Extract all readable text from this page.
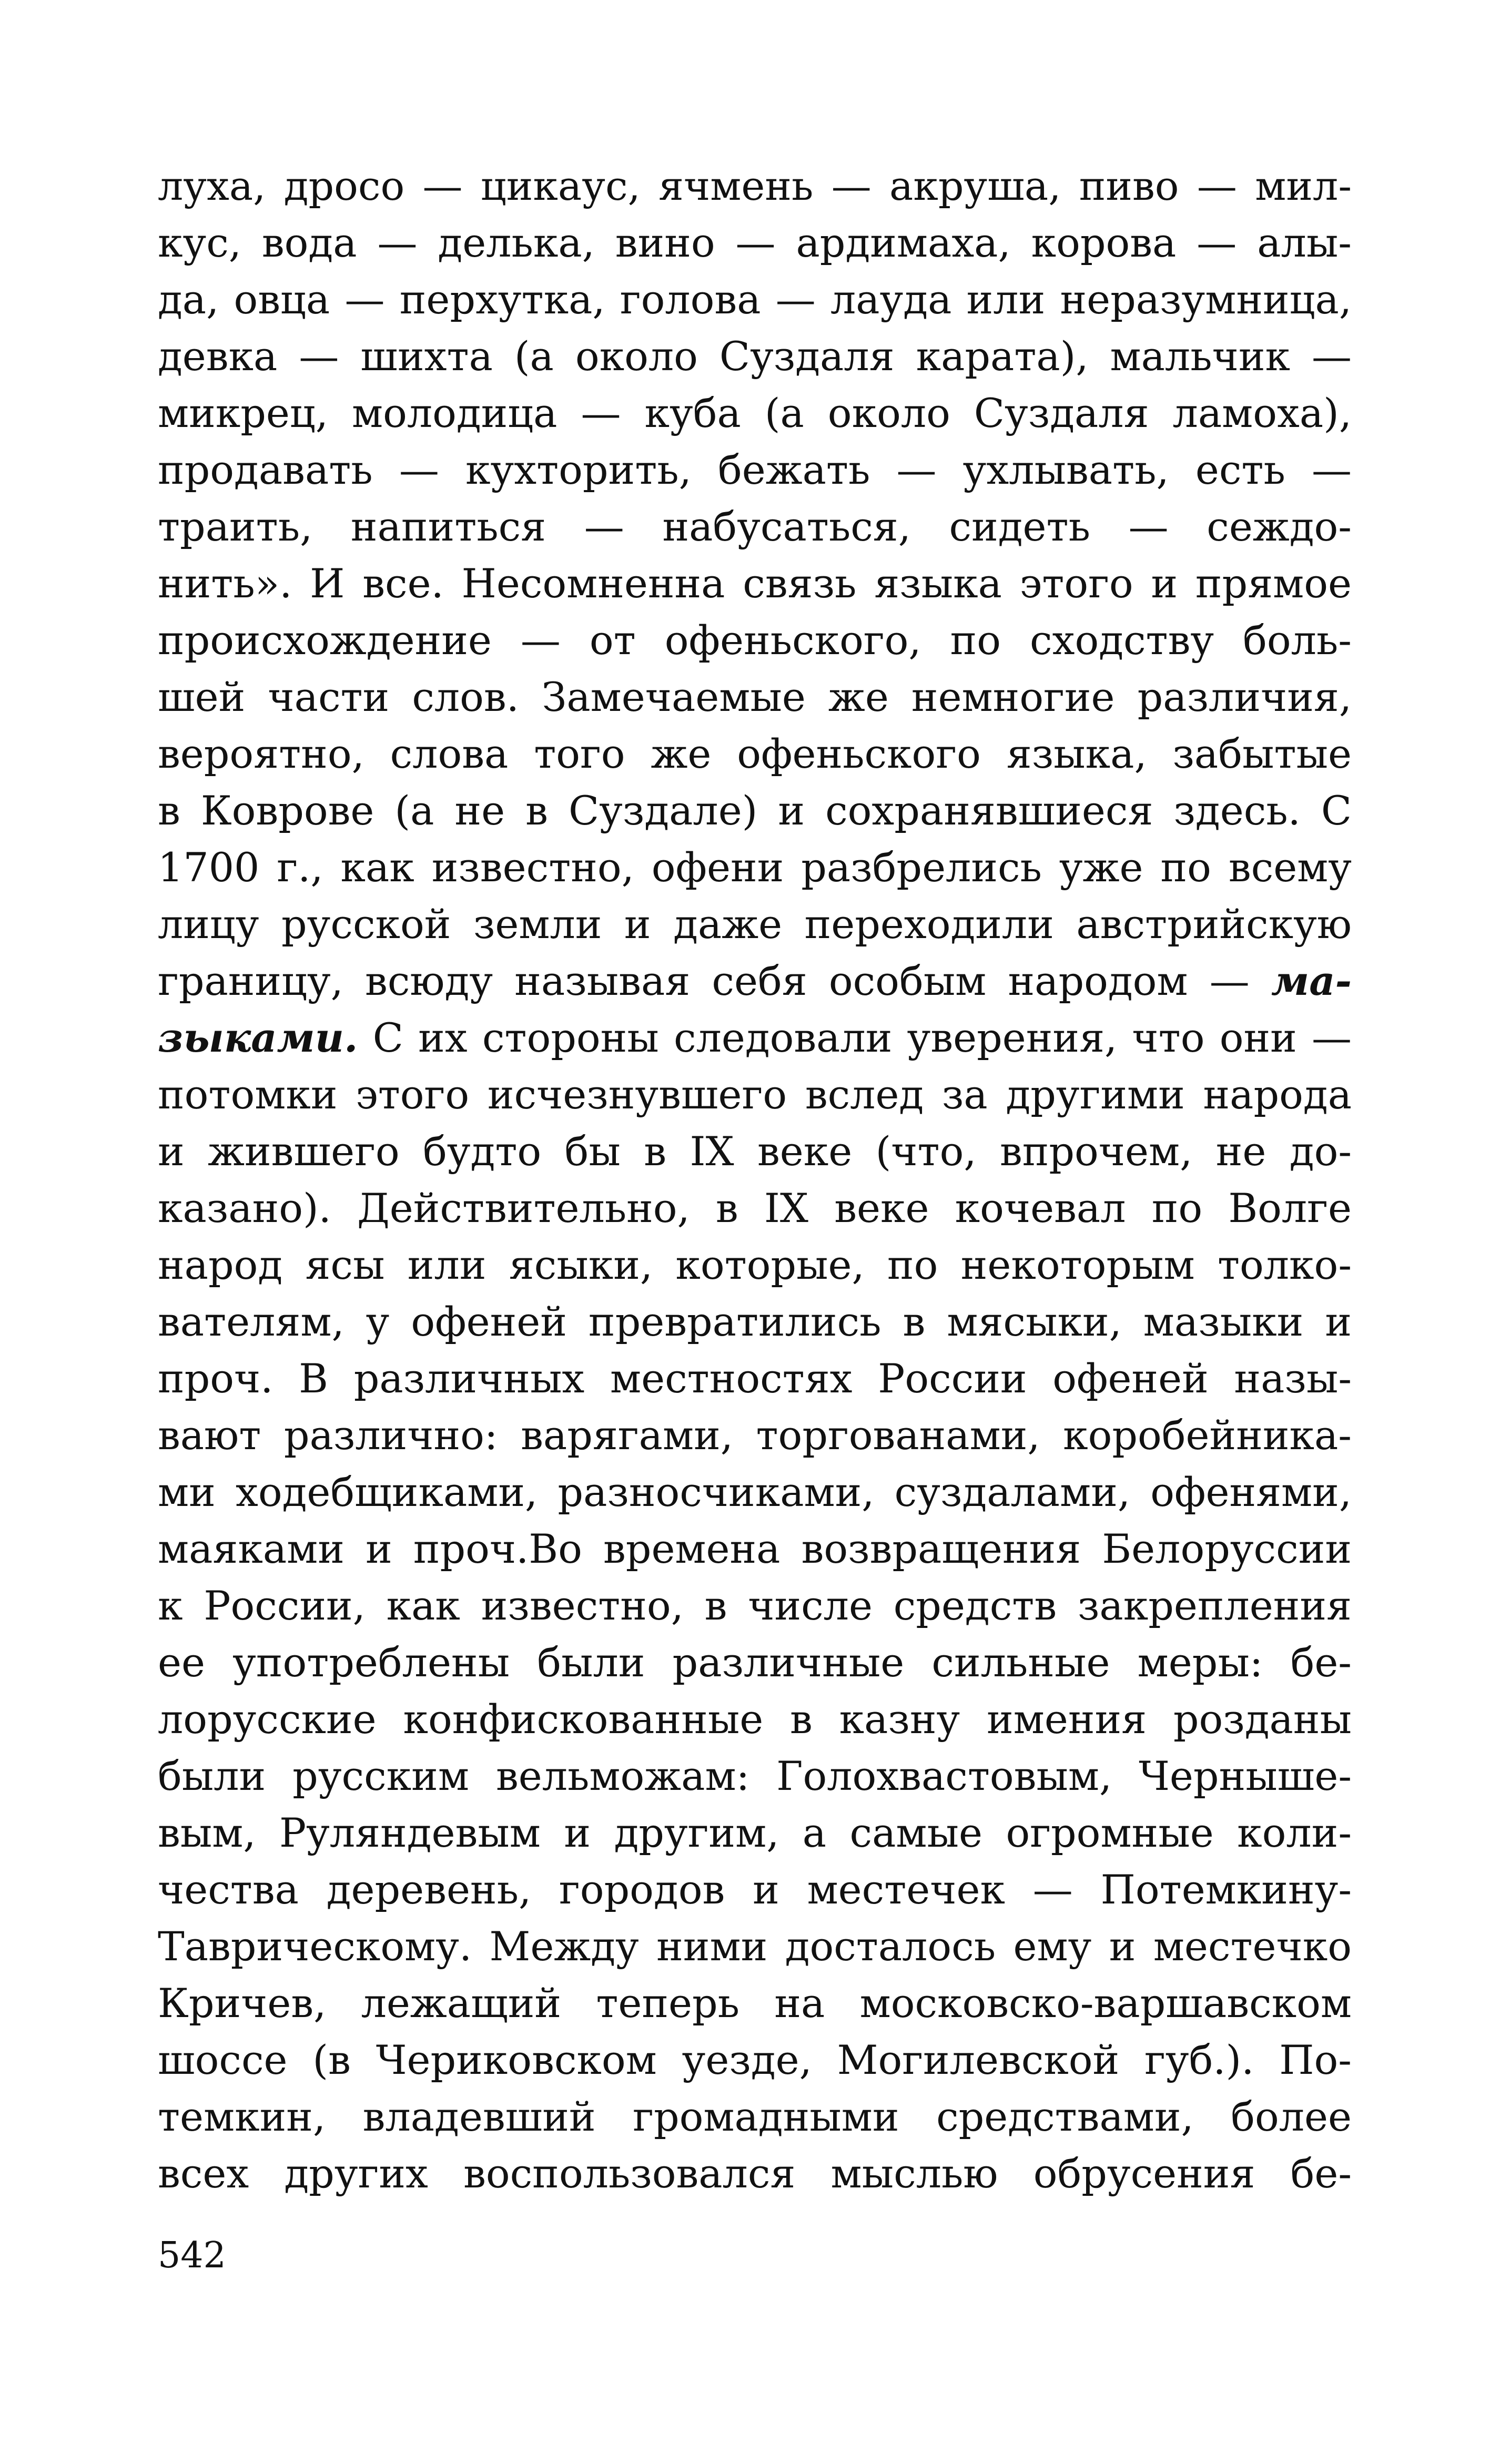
луха, дросо — цикаус, ячмень — акруша, пиво — мил-
кус, вода — делька, вино — ардимаха, корова — алы-
да, овца — перхутка, голова — лауда или неразумница,
девка — шихта (а около Суздаля карата), мальчик —
микрец, молодица — куба (а около Суздаля ламоха),
продавать — кухторить, бежать — ухлывать, есть —
траить, напиться — набусаться, сидеть — сеждо-
нить». И все. Несомненна связь языка этого и прямое
происхождение — от офеньского, по сходству боль-
шей части слов. Замечаемые же немногие различия,
вероятно, слова того же офеньского языка, забытые
в Коврове (а не в Суздале) и сохранявшиеся здесь. С
1700 г., как известно, офени разбрелись уже по всему
лицу русской земли и даже переходили австрийскую
границу, всюду называя себя особым народом — ма-
зыками. С их стороны следовали уверения, что они —
потомки этого исчезнувшего вслед за другими народа
и жившего будто бы в IX веке (что, впрочем, не до-
казано). Действительно, в IX веке кочевал по Волге
народ ясы или ясыки, которые, по некоторым толко-
вателям, у офеней превратились в мясыки, мазыки и
проч. В различных местностях России офеней назы-
вают различно: варягами, торгованами, коробейника-
ми ходебщиками, разносчиками, суздалами, офенями,
маяками и проч.Во времена возвращения Белоруссии
к России, как известно, в числе средств закрепления
ее употреблены были различные сильные меры: бе-
лорусские конфискованные в казну имения розданы
были русским вельможам: Голохвастовым, Черныше-
вым, Руляндевым и другим, а самые огромные коли-
чества деревень, городов и местечек — Потемкину-
Таврическому. Между ними досталось ему и местечко
Кричев, лежащий теперь на московско-варшавском
шоссе (в Чериковском уезде, Могилевской губ.). По-
темкин, владевший громадными средствами, более
всех других воспользовался мыслью обрусения бе-
542
